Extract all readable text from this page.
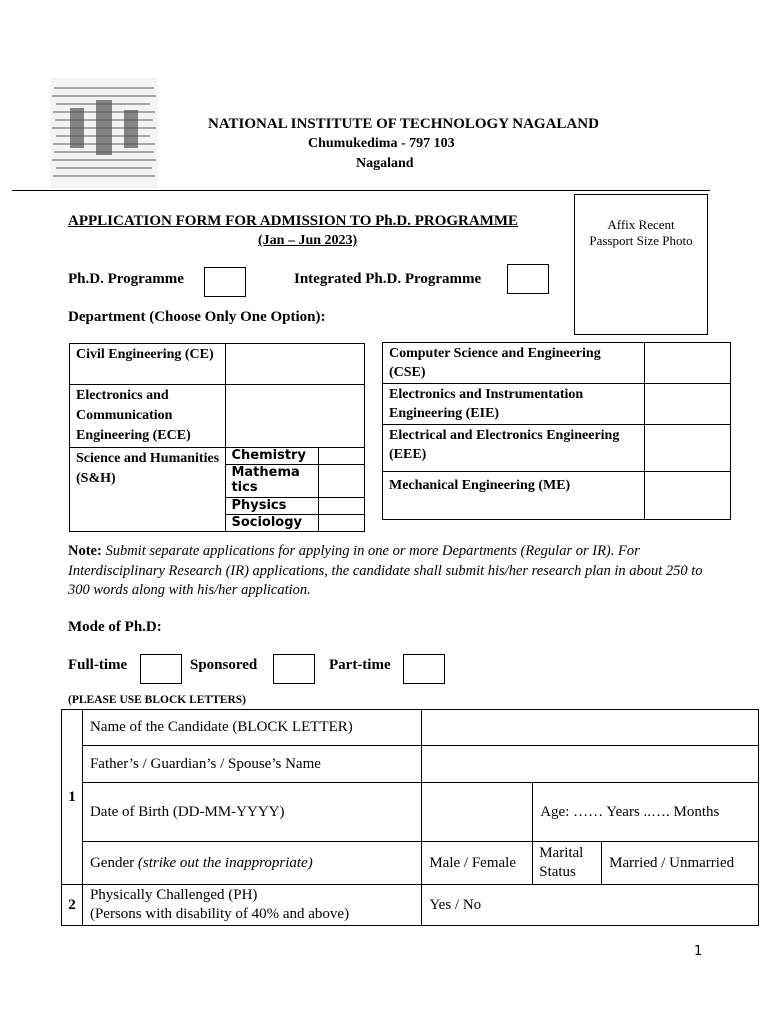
NATIONAL INSTITUTE OF TECHNOLOGY NAGALAND
Chumukedima - 797 103
Nagaland
APPLICATION FORM FOR ADMISSION TO Ph.D. PROGRAMME
(Jan – Jun 2023)
Affix Recent
Passport Size Photo
Ph.D. Programme	Integrated Ph.D. Programme
Department (Choose Only One Option):
Civil Engineering (CE)		
Electronics and Communication Engineering (ECE)		
Science and Humanities (S&H)	Chemistry	
	Mathema tics	
	Physics	
	Sociology	
Computer Science and Engineering (CSE)	
Electronics and Instrumentation Engineering (EIE)	
Electrical and Electronics Engineering (EEE)	
Mechanical Engineering (ME)	
Note: Submit separate applications for applying in one or more Departments (Regular or IR). For Interdisciplinary Research (IR) applications, the candidate shall submit his/her research plan in about 250 to 300 words along with his/her application.
Mode of Ph.D:
Full-time	Sponsored	Part-time
(PLEASE USE BLOCK LETTERS)
1	Name of the Candidate (BLOCK LETTER)			
	Father’s / Guardian’s / Spouse’s Name			
	Date of Birth (DD-MM-YYYY)		Age: …… Years ..…. Months	
	Gender (strike out the inappropriate)	Male / Female	Marital Status	Married / Unmarried
2	Physically Challenged (PH)
(Persons with disability of 40% and above)	Yes / No		
1
